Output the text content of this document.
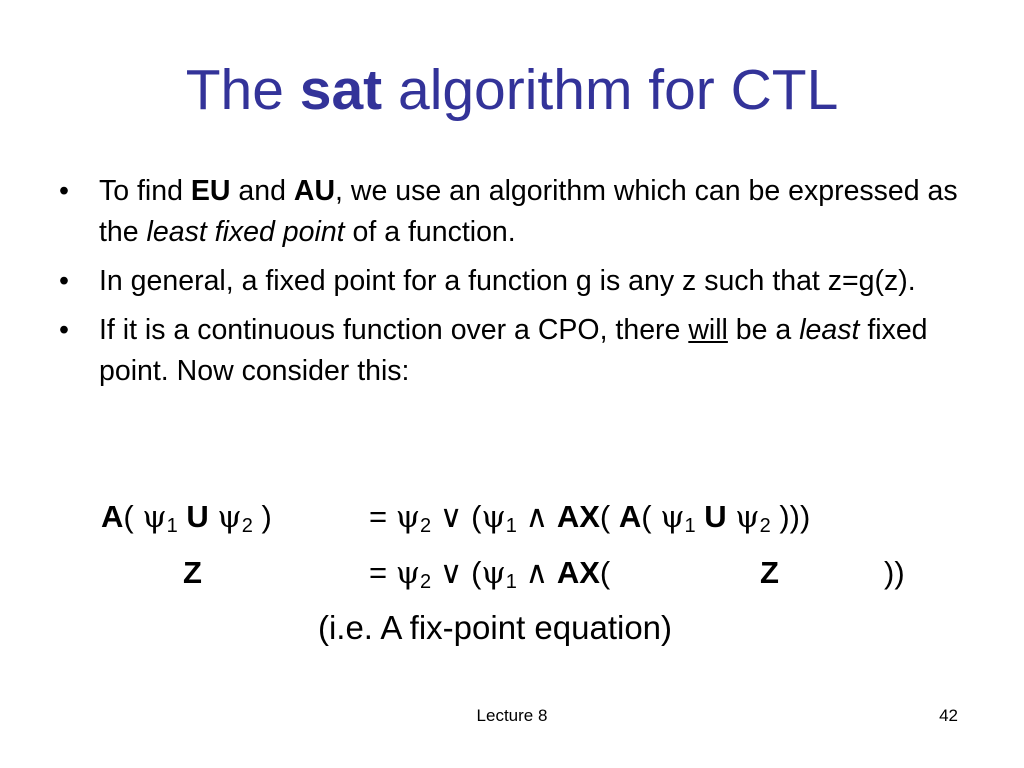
The sat algorithm for CTL
• To find EU and AU, we use an algorithm which can be expressed as the least fixed point of a function.
• In general, a fixed point for a function g is any z such that z=g(z).
• If it is a continuous function over a CPO, there will be a least fixed point. Now consider this:
A( $\psi_1$ U $\psi_2$ )	= $\psi_2$ ∨ ($\psi_1$ ∧ AX( A( $\psi_1$ U $\psi_2$ )))
Z	= $\psi_2$ ∨ ($\psi_1$ ∧ AX(	Z	))
(i.e. A fix-point equation)
Lecture 8	42
